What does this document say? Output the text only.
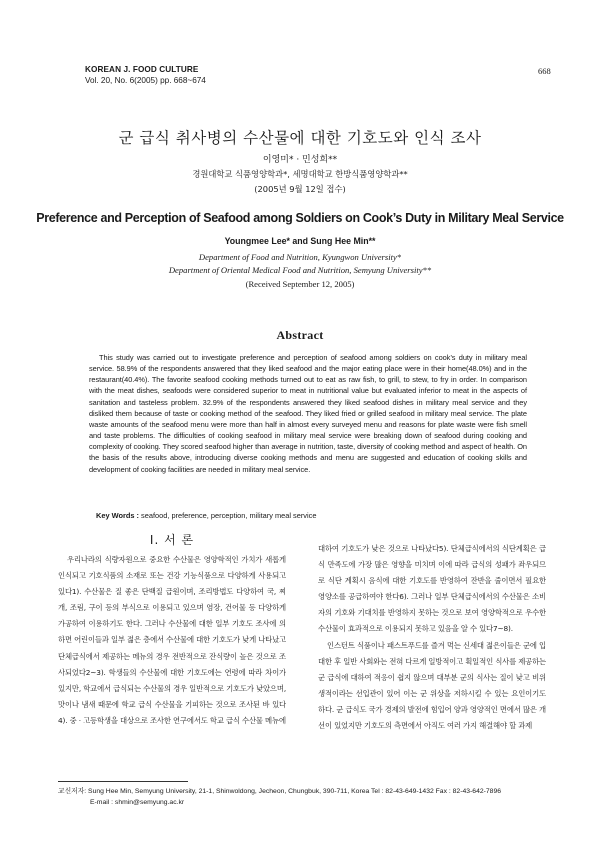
KOREAN J. FOOD CULTURE
Vol. 20, No. 6(2005) pp. 668~674
668
군 급식 취사병의 수산물에 대한 기호도와 인식 조사
이영미* · 민성희**
경원대학교 식품영양학과*, 세명대학교 한방식품영양학과**
(2005년 9월 12일 접수)
Preference and Perception of Seafood among Soldiers on Cook’s Duty in Military Meal Service
Youngmee Lee* and Sung Hee Min**
Department of Food and Nutrition, Kyungwon University*
Department of Oriental Medical Food and Nutrition, Semyung University**
(Received September 12, 2005)
Abstract
This study was carried out to investigate preference and perception of seafood among soldiers on cook’s duty in military meal service. 58.9% of the respondents answered that they liked seafood and the major eating place were in their home(48.0%) and in the restaurant(40.4%). The favorite seafood cooking methods turned out to eat as raw fish, to grill, to stew, to fry in order. In comparison with the meat dishes, seafoods were considered superior to meat in nutritional value but evaluated inferior to meat in the aspects of sanitation and tasteless problem. 32.9% of the respondents answered they liked seafood dishes in military meal service and they disliked them because of taste or cooking method of the seafood. They liked fried or grilled seafood in military meal service. The plate waste amounts of the seafood menu were more than half in almost every surveyed menu and reasons for plate waste were fish smell and taste problems. The difficulties of cooking seafood in military meal service were breaking down of seafood during cooking and complexity of cooking. They scored seafood higher than average in nutrition, taste, diversity of cooking method and aspect of health. On the basis of the results above, introducing diverse cooking methods and menu are suggested and education of cooking skills and development of cooking facilities are needed in military meal service.
Key Words : seafood, preference, perception, military meal service
I. 서 론
우리나라의 식량자원으로 중요한 수산물은 영양학적인 가치가 새롭게 인식되고 기호식품의 소재로 또는 건강 기능식품으로 다양하게 사용되고 있다1). 수산물은 질 좋은 단백질 급원이며, 조리방법도 다양하여 국, 찌개, 조림, 구이 등의 부식으로 이용되고 있으며 염장, 건어물 등 다양하게 가공하여 이용하기도 한다. 그러나 수산물에 대한 일부 기호도 조사에 의하면 어린이들과 일부 젊은 층에서 수산물에 대한 기호도가 낮게 나타났고 단체급식에서 제공하는 메뉴의 경우 전반적으로 잔식량이 높은 것으로 조사되었다2~3). 학생들의 수산물에 대한 기호도에는 연령에 따라 차이가 있지만, 학교에서 급식되는 수산물의 경우 일반적으로 기호도가 낮았으며, 맛이나 냄새 때문에 학교 급식 수산물을 기피하는 것으로 조사된 바 있다4). 중 · 고등학생을 대상으로 조사한 연구에서도 학교 급식 수산물 메뉴에

대하여 기호도가 낮은 것으로 나타났다5). 단체급식에서의 식단계획은 급식 만족도에 가장 많은 영향을 미치며 이에 따라 급식의 성패가 좌우되므로 식단 계획시 음식에 대한 기호도를 반영하여 잔반을 줄이면서 필요한 영양소를 공급하여야 한다6). 그러나 일부 단체급식에서의 수산물은 소비자의 기호와 기대치를 반영하지 못하는 것으로 보여 영양학적으로 우수한 수산물이 효과적으로 이용되지 못하고 있음을 알 수 있다7~8).

인스턴트 식품이나 패스트푸드를 즐겨 먹는 신세대 젊은이들은 군에 입대한 후 일반 사회와는 전혀 다르게 일방적이고 획일적인 식사를 제공하는 군 급식에 대하여 적응이 쉽지 않으며 대부분 군의 식사는 질이 낮고 비위생적이라는 선입관이 있어 이는 군 위상을 저하시킬 수 있는 요인이기도 하다. 군 급식도 국가 경제의 발전에 힘입어 양과 영양적인 면에서 많은 개선이 있었지만 기호도의 측면에서 아직도 여러 가지 해결해야 할 과제

교신저자: Sung Hee Min, Semyung University, 21-1, Shinwoldong, Jecheon, Chungbuk, 390-711, Korea Tel : 82-43-649-1432 Fax : 82-43-642-7896
E-mail : shmin@semyung.ac.kr
